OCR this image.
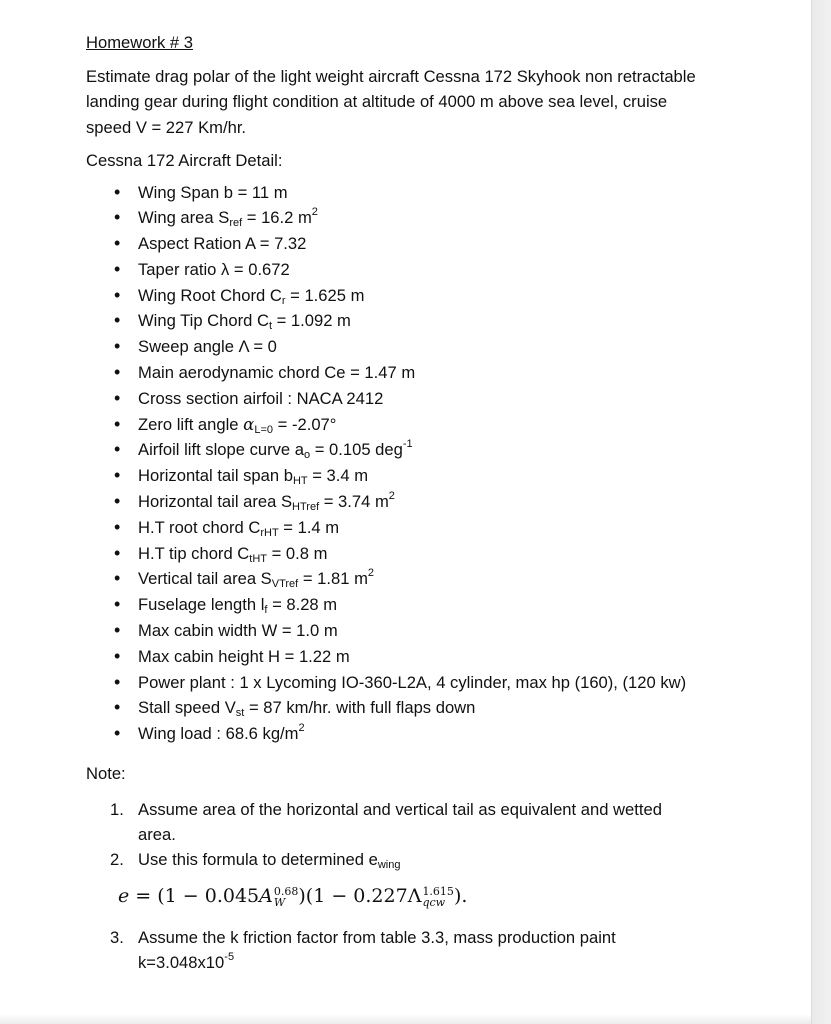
Homework # 3
Estimate drag polar of the light weight aircraft Cessna 172 Skyhook non retractable landing gear during flight condition at altitude of 4000 m above sea level, cruise speed V = 227 Km/hr.
Cessna 172 Aircraft Detail:
• Wing Span b = 11 m
• Wing area $S_{ref} = 16.2$ $m^2$
• Aspect Ration A = 7.32
• Taper ratio λ = 0.672
• Wing Root Chord $C_r = 1.625$ m
• Wing Tip Chord $C_t = 1.092$ m
• Sweep angle Λ = 0
• Main aerodynamic chord Ce = 1.47 m
• Cross section airfoil : NACA 2412
• Zero lift angle $\alpha_{L=0} = -2.07^\circ$
• Airfoil lift slope curve $a_o = 0.105$ deg$^{-1}$
• Horizontal tail span $b_{HT} = 3.4$ m
• Horizontal tail area $S_{HTref} = 3.74$ $m^2$
• H.T root chord $C_{rHT} = 1.4$ m
• H.T tip chord $C_{tHT} = 0.8$ m
• Vertical tail area $S_{VTref} = 1.81$ $m^2$
• Fuselage length $l_f = 8.28$ m
• Max cabin width W = 1.0 m
• Max cabin height H = 1.22 m
• Power plant : 1 x Lycoming IO-360-L2A, 4 cylinder, max hp (160), (120 kw)
• Stall speed $V_{st} = 87$ km/hr. with full flaps down
• Wing load : 68.6 $kg/m^2$
Note:
1. Assume area of the horizontal and vertical tail as equivalent and wetted area.
2. Use this formula to determined $e_{wing}$
e = (1 − 0.045A 0.68
W )(1 − 0.227Λ 1.615
qcw ).
3. Assume the k friction factor from table 3.3, mass production paint $k=3.048x10^{-5}$
